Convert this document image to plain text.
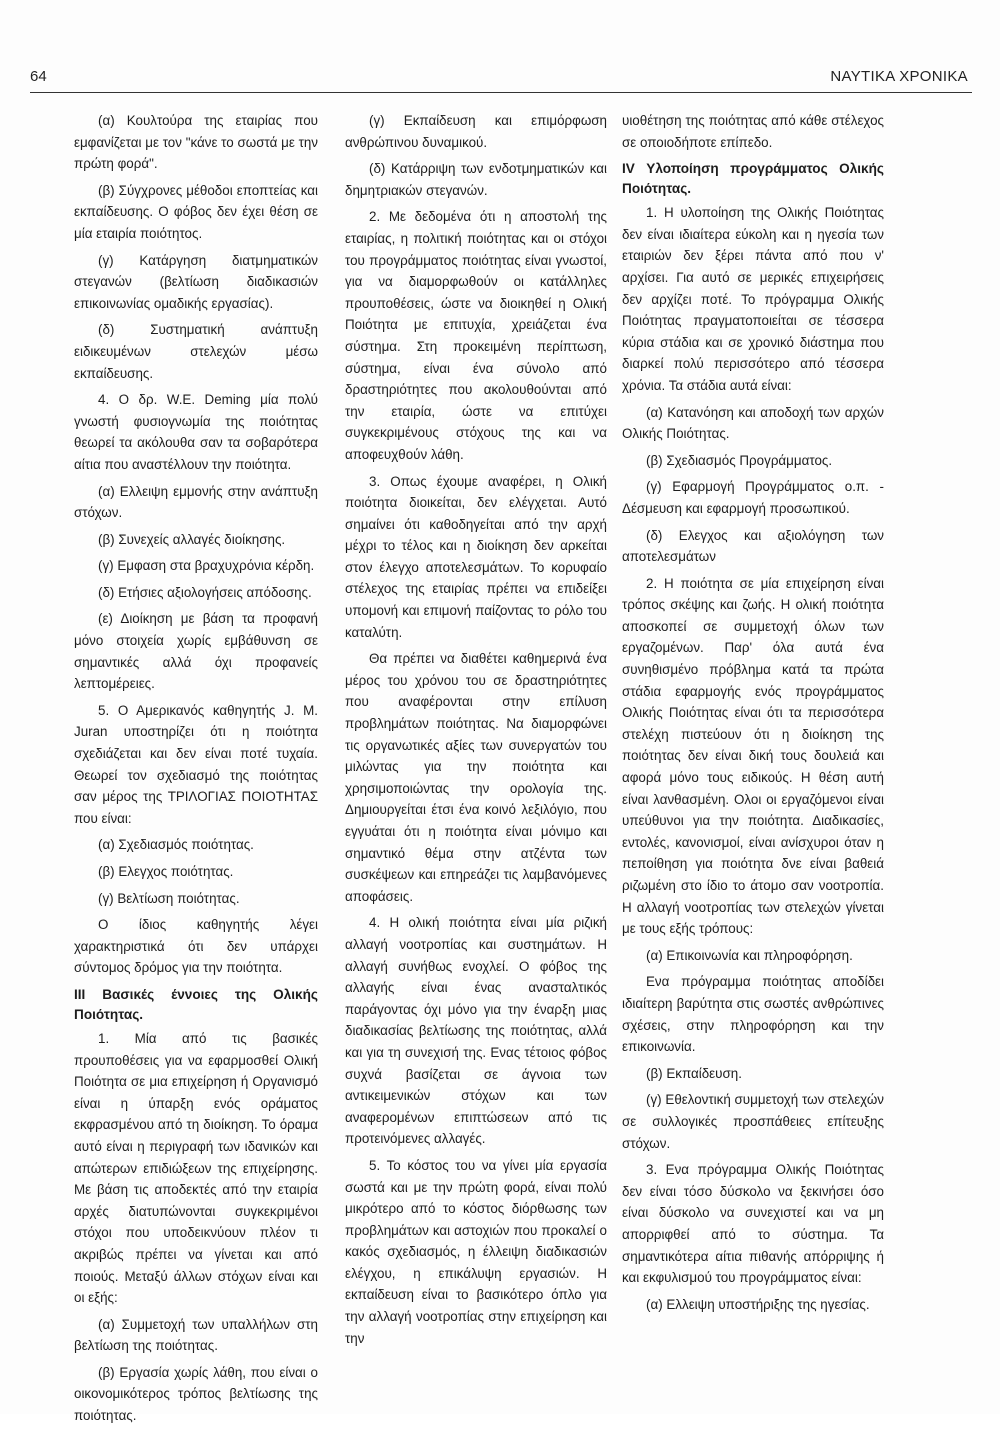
64	ΝΑΥΤΙΚΑ ΧΡΟΝΙΚΑ

(α) Κουλτούρα της εταιρίας που εμφανίζεται με τον "κάνε το σωστά με την πρώτη φορά".

(β) Σύγχρονες μέθοδοι εποπτείας και εκπαίδευσης. Ο φόβος δεν έχει θέση σε μία εταιρία ποιότητος.

(γ) Κατάργηση διατμηματικών στεγανών (βελτίωση διαδικασιών επικοινωνίας ομαδικής εργασίας).

(δ) Συστηματική ανάπτυξη ειδικευμένων στελεχών μέσω εκπαίδευσης.

4. Ο δρ. W.E. Deming μία πολύ γνωστή φυσιογνωμία της ποιότητας θεωρεί τα ακόλουθα σαν τα σοβαρότερα αίτια που αναστέλλουν την ποιότητα.

(α) Ελλειψη εμμονής στην ανάπτυξη στόχων.

(β) Συνεχείς αλλαγές διοίκησης.

(γ) Εμφαση στα βραχυχρόνια κέρδη.

(δ) Ετήσιες αξιολογήσεις απόδοσης.

(ε) Διοίκηση με βάση τα προφανή μόνο στοιχεία χωρίς εμβάθυνση σε σημαντικές αλλά όχι προφανείς λεπτομέρειες.

5. Ο Αμερικανός καθηγητής J. M. Juran υποστηρίζει ότι η ποιότητα σχεδιάζεται και δεν είναι ποτέ τυχαία. Θεωρεί τον σχεδιασμό της ποιότητας σαν μέρος της ΤΡΙΛΟΓΙΑΣ ΠΟΙΟΤΗΤΑΣ που είναι:

(α) Σχεδιασμός ποιότητας.

(β) Ελεγχος ποιότητας.

(γ) Βελτίωση ποιότητας.

Ο ίδιος καθηγητής λέγει χαρακτηριστικά ότι δεν υπάρχει σύντομος δρόμος για την ποιότητα.

III Βασικές έννοιες της Ολικής Ποιότητας.

1. Μία από τις βασικές προυποθέσεις για να εφαρμοσθεί Ολική Ποιότητα σε μια επιχείρηση ή Οργανισμό είναι η ύπαρξη ενός οράματος εκφρασμένου από τη διοίκηση. Το όραμα αυτό είναι η περιγραφή των ιδανικών και απώτερων επιδιώξεων της επιχείρησης. Με βάση τις αποδεκτές από την εταιρία αρχές διατυπώνονται συγκεκριμένοι στόχοι που υποδεικνύουν πλέον τι ακριβώς πρέπει να γίνεται και από ποιούς. Μεταξύ άλλων στόχων είναι και οι εξής:

(α) Συμμετοχή των υπαλλήλων στη βελτίωση της ποιότητας.

(β) Εργασία χωρίς λάθη, που είναι ο οικονομικότερος τρόπος βελτίωσης της ποιότητας.

(γ) Εκπαίδευση και επιμόρφωση ανθρώπινου δυναμικού.

(δ) Κατάρριψη των ενδοτμηματικών και δημητριακών στεγανών.

2. Με δεδομένα ότι η αποστολή της εταιρίας, η πολιτική ποιότητας και οι στόχοι του προγράμματος ποιότητας είναι γνωστοί, για να διαμορφωθούν οι κατάλληλες προυποθέσεις, ώστε να διοικηθεί η Ολική Ποιότητα με επιτυχία, χρειάζεται ένα σύστημα. Στη προκειμένη περίπτωση, σύστημα, είναι ένα σύνολο από δραστηριότητες που ακολουθούνται από την εταιρία, ώστε να επιτύχει συγκεκριμένους στόχους της και να αποφευχθούν λάθη.

3. Οπως έχουμε αναφέρει, η Ολική ποιότητα διοικείται, δεν ελέγχεται. Αυτό σημαίνει ότι καθοδηγείται από την αρχή μέχρι το τέλος και η διοίκηση δεν αρκείται στον έλεγχο αποτελεσμάτων. Το κορυφαίο στέλεχος της εταιρίας πρέπει να επιδείξει υπομονή και επιμονή παίζοντας το ρόλο του καταλύτη.

Θα πρέπει να διαθέτει καθημερινά ένα μέρος του χρόνου του σε δραστηριότητες που αναφέρονται στην επίλυση προβλημάτων ποιότητας. Να διαμορφώνει τις οργανωτικές αξίες των συνεργατών του μιλώντας για την ποιότητα και χρησιμοποιώντας την ορολογία της. Δημιουργείται έτσι ένα κοινό λεξιλόγιο, που εγγυάται ότι η ποιότητα είναι μόνιμο και σημαντικό θέμα στην ατζέντα των συσκέψεων και επηρεάζει τις λαμβανόμενες αποφάσεις.

4. Η ολική ποιότητα είναι μία ριζική αλλαγή νοοτροπίας και συστημάτων. Η αλλαγή συνήθως ενοχλεί. Ο φόβος της αλλαγής είναι ένας ανασταλτικός παράγοντας όχι μόνο για την έναρξη μιας διαδικασίας βελτίωσης της ποιότητας, αλλά και για τη συνεχισή της. Ενας τέτοιος φόβος συχνά βασίζεται σε άγνοια των αντικειμενικών στόχων και των αναφερομένων επιπτώσεων από τις προτεινόμενες αλλαγές.

5. Το κόστος του να γίνει μία εργασία σωστά και με την πρώτη φορά, είναι πολύ μικρότερο από το κόστος διόρθωσης των προβλημάτων και αστοχιών που προκαλεί ο κακός σχεδιασμός, η έλλειψη διαδικασιών ελέγχου, η επικάλυψη εργασιών. Η εκπαίδευση είναι το βασικότερο όπλο για την αλλαγή νοοτροπίας στην επιχείρηση και την

υιοθέτηση της ποιότητας από κάθε στέλεχος σε οποιοδήποτε επίπεδο.

IV Υλοποίηση προγράμματος Ολικής Ποιότητας.

1. Η υλοποίηση της Ολικής Ποιότητας δεν είναι ιδιαίτερα εύκολη και η ηγεσία των εταιριών δεν ξέρει πάντα από που ν' αρχίσει. Για αυτό σε μερικές επιχειρήσεις δεν αρχίζει ποτέ. Το πρόγραμμα Ολικής Ποιότητας πραγματοποιείται σε τέσσερα κύρια στάδια και σε χρονικό διάστημα που διαρκεί πολύ περισσότερο από τέσσερα χρόνια. Τα στάδια αυτά είναι:

(α) Κατανόηση και αποδοχή των αρχών Ολικής Ποιότητας.

(β) Σχεδιασμός Προγράμματος.

(γ) Εφαρμογή Προγράμματος ο.π. - Δέσμευση και εφαρμογή προσωπικού.

(δ) Ελεγχος και αξιολόγηση των αποτελεσμάτων

2. Η ποιότητα σε μία επιχείρηση είναι τρόπος σκέψης και ζωής. Η ολική ποιότητα αποσκοπεί σε συμμετοχή όλων των εργαζομένων. Παρ' όλα αυτά ένα συνηθισμένο πρόβλημα κατά τα πρώτα στάδια εφαρμογής ενός προγράμματος Ολικής Ποιότητας είναι ότι τα περισσότερα στελέχη πιστεύουν ότι η διοίκηση της ποιότητας δεν είναι δική τους δουλειά και αφορά μόνο τους ειδικούς. Η θέση αυτή είναι λανθασμένη. Ολοι οι εργαζόμενοι είναι υπεύθυνοι για την ποιότητα. Διαδικασίες, εντολές, κανονισμοί, είναι ανίσχυροι όταν η πεποίθηση για ποιότητα δνε είναι βαθειά ριζωμένη στο ίδιο το άτομο σαν νοοτροπία. Η αλλαγή νοοτροπίας των στελεχών γίνεται με τους εξής τρόπους:

(α) Επικοινωνία και πληροφόρηση.

Ενα πρόγραμμα ποιότητας αποδίδει ιδιαίτερη βαρύτητα στις σωστές ανθρώπινες σχέσεις, στην πληροφόρηση και την επικοινωνία.

(β) Εκπαίδευση.

(γ) Εθελοντική συμμετοχή των στελεχών σε συλλογικές προσπάθειες επίτευξης στόχων.

3. Ενα πρόγραμμα Ολικής Ποιότητας δεν είναι τόσο δύσκολο να ξεκινήσει όσο είναι δύσκολο να συνεχιστεί και να μη απορριφθεί από το σύστημα. Τα σημαντικότερα αίτια πιθανής απόρριψης ή και εκφυλισμού του προγράμματος είναι:

(α) Ελλειψη υποστήριξης της ηγεσίας.
